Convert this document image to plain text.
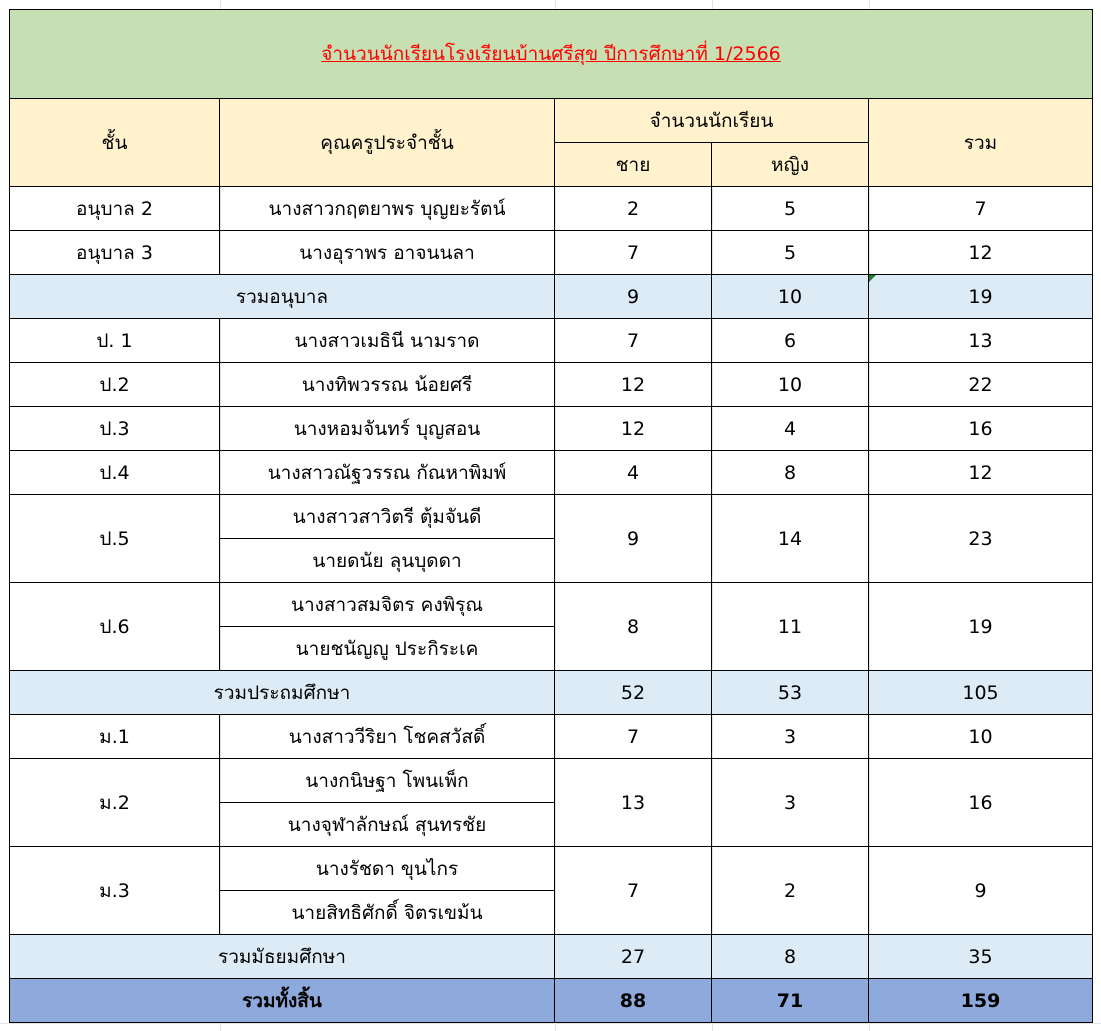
จำนวนนักเรียนโรงเรียนบ้านศรีสุข ปีการศึกษาที่ 1/2566				
ชั้น	คุณครูประจำชั้น	จำนวนนักเรียน		รวม
		ชาย	หญิง	
อนุบาล 2	นางสาวกฤตยาพร บุญยะรัตน์	2	5	7
อนุบาล 3	นางอุราพร อาจนนลา	7	5	12
รวมอนุบาล		9	10	19
ป. 1	นางสาวเมธินี นามราด	7	6	13
ป.2	นางทิพวรรณ น้อยศรี	12	10	22
ป.3	นางหอมจันทร์ บุญสอน	12	4	16
ป.4	นางสาวณัฐวรรณ กัณหาพิมพ์	4	8	12
ป.5	นางสาวสาวิตรี ตุ้มจันดี	9	14	23
	นายดนัย ลุนบุดดา			
ป.6	นางสาวสมจิตร คงพิรุณ	8	11	19
	นายชนัญญู ประกิระเค			
รวมประถมศึกษา		52	53	105
ม.1	นางสาววีริยา โชคสวัสดิ์	7	3	10
ม.2	นางกนิษฐา โพนเพ็ก	13	3	16
	นางจุฬาลักษณ์ สุนทรชัย			
ม.3	นางรัชดา ขุนไกร	7	2	9
	นายสิทธิศักดิ์ จิตรเขม้น			
รวมมัธยมศึกษา		27	8	35
รวมทั้งสิ้น		88	71	159
